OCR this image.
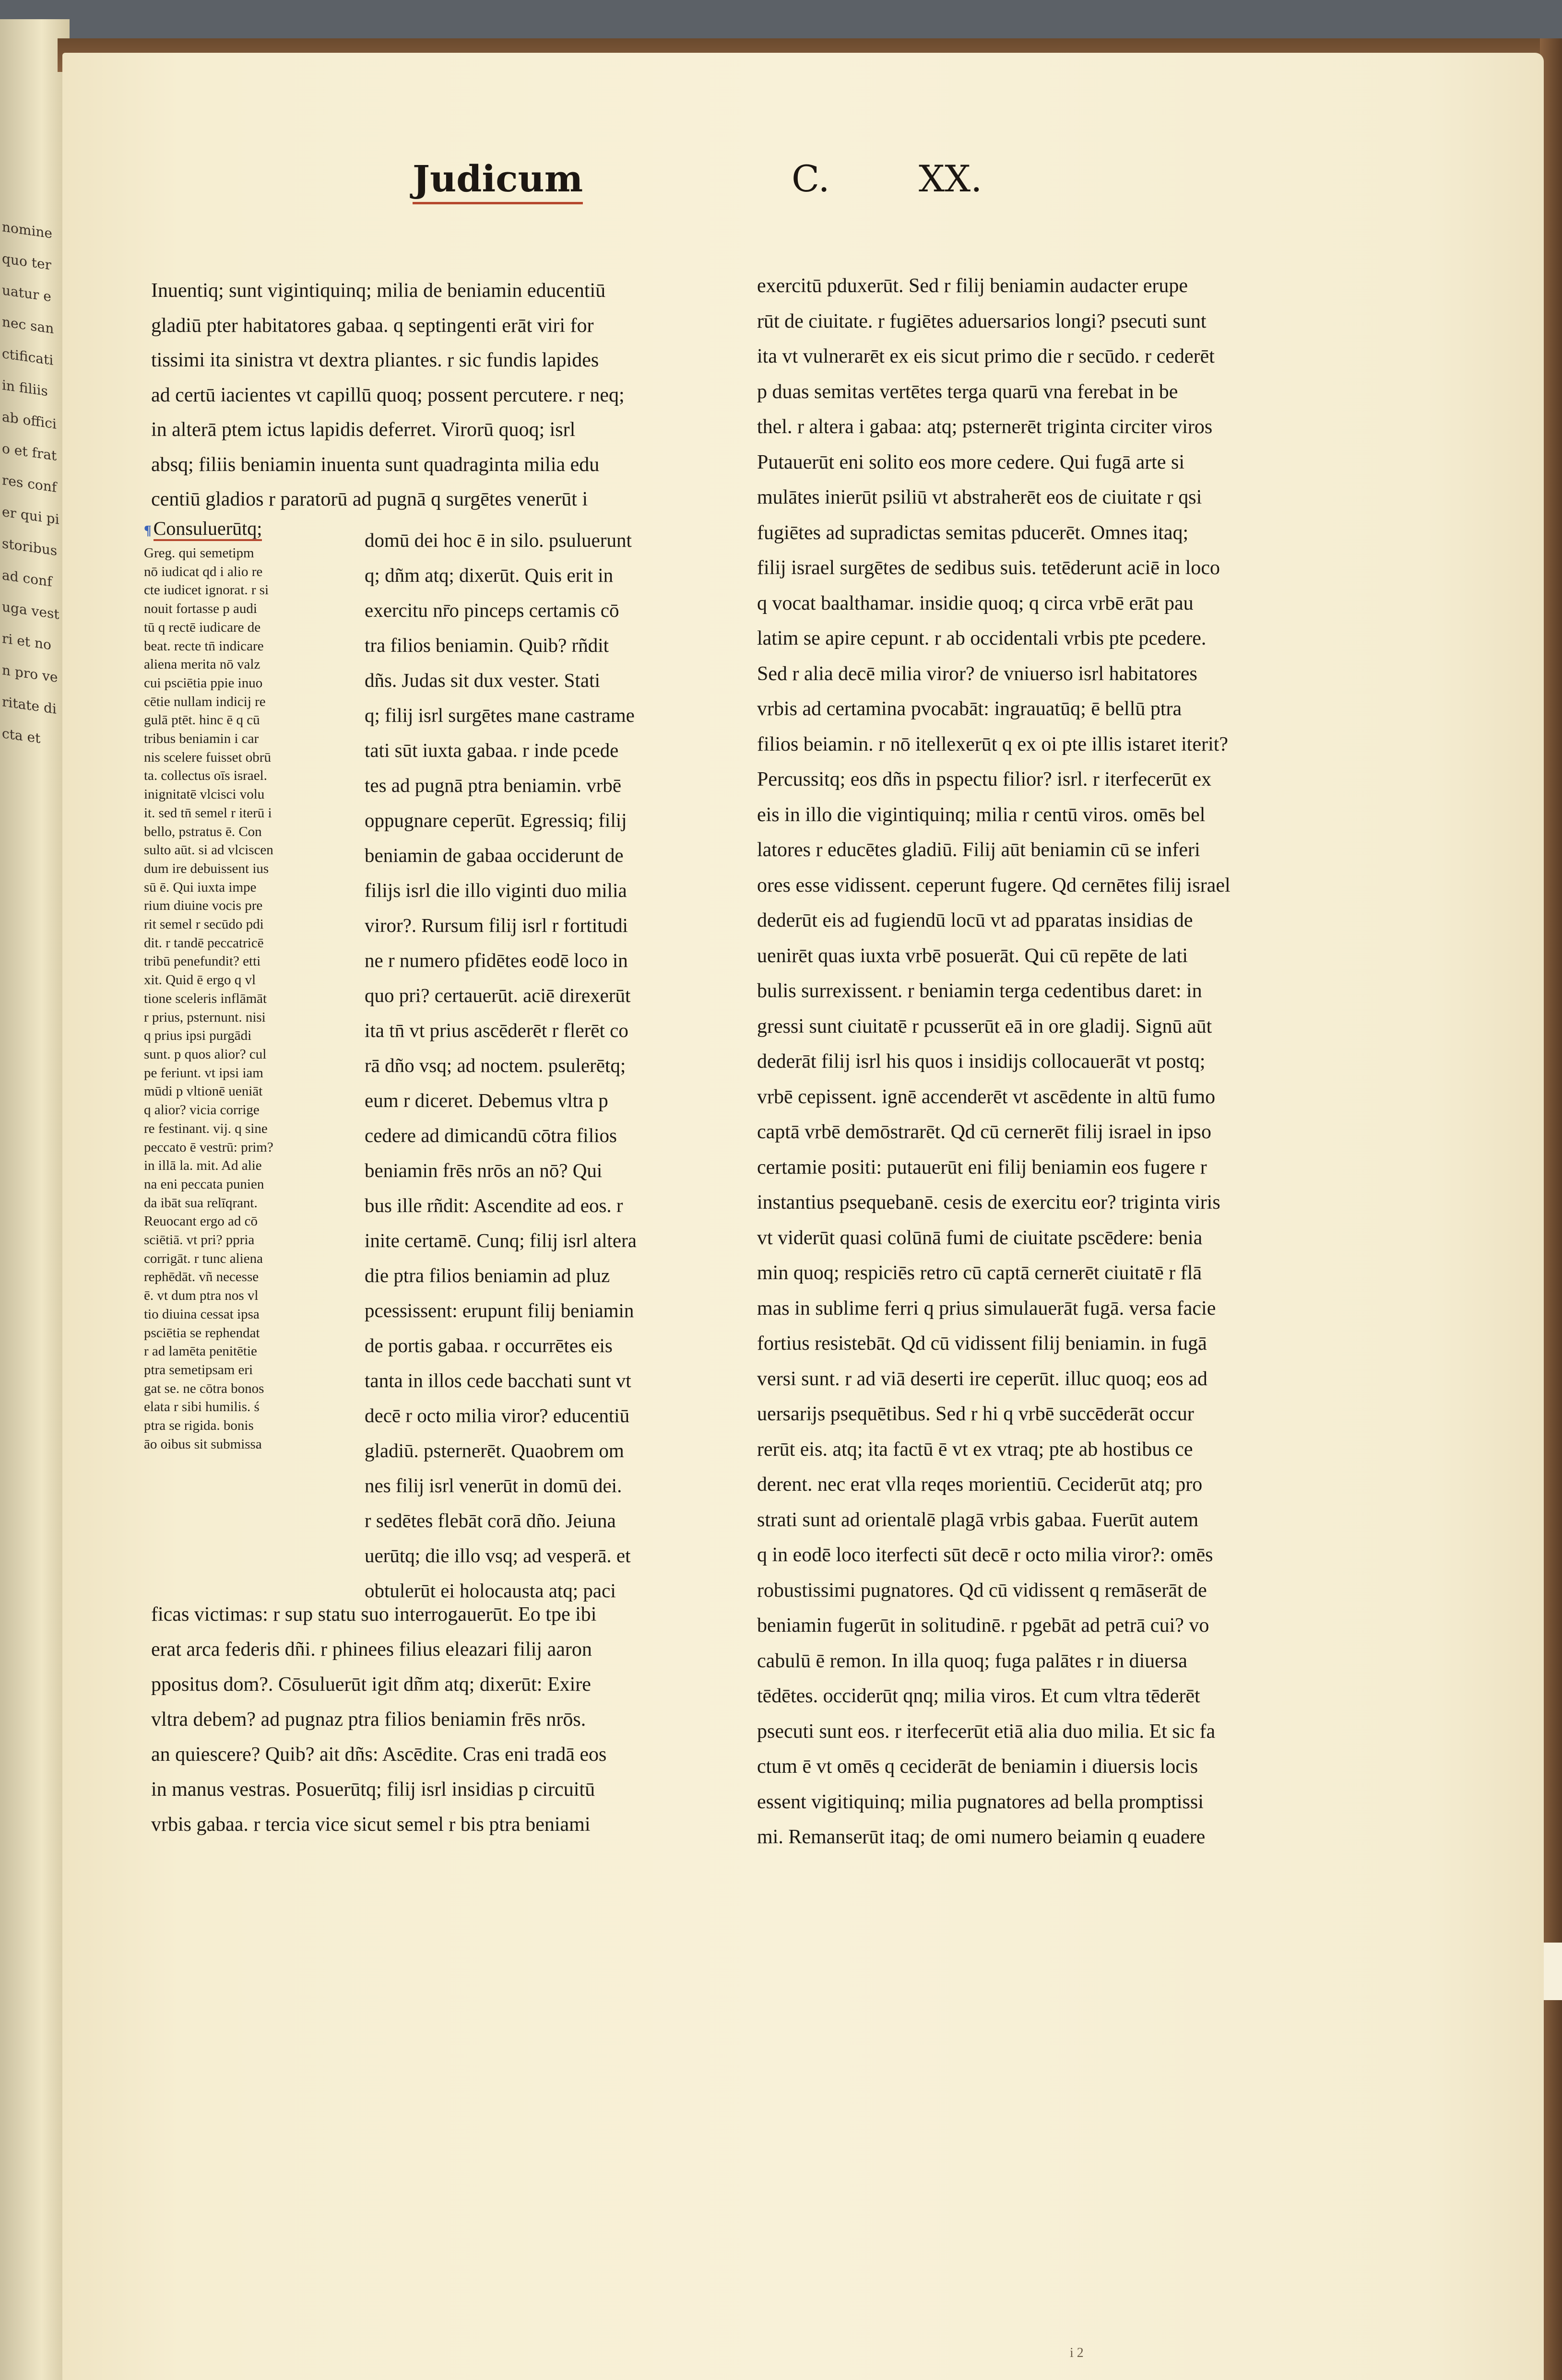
nomine quo teruatur e nec sanctificati in filiis ab officio et fratres confer qui pistoribus ad confuga vestri et non pro veritate dicta et
Judicum	C. XX.
Inuentiq; sunt vigintiquinq; milia de beniamin educentiū
gladiū pter habitatores gabaa. q septingenti erāt viri for
tissimi ita sinistra vt dextra pliantes. r sic fundis lapides
ad certū iacientes vt capillū quoq; possent percutere. r neq;
in alterā ptem ictus lapidis deferret. Virorū quoq; isrl
absq; filiis beniamin inuenta sunt quadraginta milia edu
centiū gladios r paratorū ad pugnā q surgētes venerūt i
¶ Consuluerūtq;
Greg. qui semetipm
nō iudicat qd i alio re
cte iudicet ignorat. r si
nouit fortasse p audi
tū q rectē iudicare de
beat. recte tn̄ indicare
aliena merita nō valz
cui psciētia ppie inuo
cētie nullam indicij re
gulā ptēt. hinc ē q cū
tribus beniamin i car
nis scelere fuisset obrū
ta. collectus oīs israel.
inignitatē vlcisci volu
it. sed tn̄ semel r iterū i
bello, pstratus ē. Con
sulto aūt. si ad vlciscen
dum ire debuissent ius
sū ē. Qui iuxta impe
rium diuine vocis pre
rit semel r secūdo pdi
dit. r tandē peccatricē
tribū penefundit? etti
xit. Quid ē ergo q vl
tione sceleris inflāmāt
r prius, psternunt. nisi
q prius ipsi purgādi
sunt. p quos alior? cul
pe feriunt. vt ipsi iam
mūdi p vltionē ueniāt
q alior? vicia corrige
re festinant. vij. q sine
peccato ē vestrū: prim?
in illā la. mit. Ad alie
na eni peccata punien
da ibāt sua relīqrant.
Reuocant ergo ad cō
sciētiā. vt pri? ppria
corrigāt. r tunc aliena
rephēdāt. vñ necesse
ē. vt dum ptra nos vl
tio diuina cessat ipsa
psciētia se rephendat
r ad lamēta penitētie
ptra semetipsam eri
gat se. ne cōtra bonos
elata r sibi humilis. ś
ptra se rigida. bonis
āo oibus sit submissa
domū dei hoc ē in silo. psuluerunt
q; dñm atq; dixerūt. Quis erit in
exercitu nr̄o pinceps certamis cō
tra filios beniamin. Quib? rñdit
dñs. Judas sit dux vester. Stati
q; filij isrl surgētes mane castrame
tati sūt iuxta gabaa. r inde pcede
tes ad pugnā ptra beniamin. vrbē
oppugnare ceperūt. Egressiq; filij
beniamin de gabaa occiderunt de
filijs isrl die illo viginti duo milia
viror?. Rursum filij isrl r fortitudi
ne r numero pfidētes eodē loco in
quo pri? certauerūt. aciē direxerūt
ita tn̄ vt prius ascēderēt r flerēt co
rā dño vsq; ad noctem. psulerētq;
eum r diceret. Debemus vltra p
cedere ad dimicandū cōtra filios
beniamin frēs nrōs an nō? Qui
bus ille rñdit: Ascendite ad eos. r
inite certamē. Cunq; filij isrl altera
die ptra filios beniamin ad pluz
pcessissent: erupunt filij beniamin
de portis gabaa. r occurrētes eis
tanta in illos cede bacchati sunt vt
decē r octo milia viror? educentiū
gladiū. psternerēt. Quaobrem om
nes filij isrl venerūt in domū dei.
r sedētes flebāt corā dño. Jeiuna
uerūtq; die illo vsq; ad vesperā. et
obtulerūt ei holocausta atq; paci
ficas victimas: r sup statu suo interrogauerūt. Eo tpe ibi
erat arca federis dñi. r phinees filius eleazari filij aaron
ppositus dom?. Cōsuluerūt igit dñm atq; dixerūt: Exire
vltra debem? ad pugnaz ptra filios beniamin frēs nrōs.
an quiescere? Quib? ait dñs: Ascēdite. Cras eni tradā eos
in manus vestras. Posuerūtq; filij isrl insidias p circuitū
vrbis gabaa. r tercia vice sicut semel r bis ptra beniami
exercitū pduxerūt. Sed r filij beniamin audacter erupe
rūt de ciuitate. r fugiētes aduersarios longi? psecuti sunt
ita vt vulnerarēt ex eis sicut primo die r secūdo. r cederēt
p duas semitas vertētes terga quarū vna ferebat in be
thel. r altera i gabaa: atq; psternerēt triginta circiter viros
Putauerūt eni solito eos more cedere. Qui fugā arte si
mulātes inierūt psiliū vt abstraherēt eos de ciuitate r qsi
fugiētes ad supradictas semitas pducerēt. Omnes itaq;
filij israel surgētes de sedibus suis. tetēderunt aciē in loco
q vocat baalthamar. insidie quoq; q circa vrbē erāt pau
latim se apire cepunt. r ab occidentali vrbis pte pcedere.
Sed r alia decē milia viror? de vniuerso isrl habitatores
vrbis ad certamina pvocabāt: ingrauatūq; ē bellū ptra
filios beiamin. r nō itellexerūt q ex oi pte illis istaret iterit?
Percussitq; eos dñs in pspectu filior? isrl. r iterfecerūt ex
eis in illo die vigintiquinq; milia r centū viros. omēs bel
latores r educētes gladiū. Filij aūt beniamin cū se inferi
ores esse vidissent. ceperunt fugere. Qd cernētes filij israel
dederūt eis ad fugiendū locū vt ad pparatas insidias de
uenirēt quas iuxta vrbē posuerāt. Qui cū repēte de lati
bulis surrexissent. r beniamin terga cedentibus daret: in
gressi sunt ciuitatē r pcusserūt eā in ore gladij. Signū aūt
dederāt filij isrl his quos i insidijs collocauerāt vt postq;
vrbē cepissent. ignē accenderēt vt ascēdente in altū fumo
captā vrbē demōstrarēt. Qd cū cernerēt filij israel in ipso
certamie positi: putauerūt eni filij beniamin eos fugere r
instantius psequebanē. cesis de exercitu eor? triginta viris
vt viderūt quasi colūnā fumi de ciuitate pscēdere: benia
min quoq; respiciēs retro cū captā cernerēt ciuitatē r flā
mas in sublime ferri q prius simulauerāt fugā. versa facie
fortius resistebāt. Qd cū vidissent filij beniamin. in fugā
versi sunt. r ad viā deserti ire ceperūt. illuc quoq; eos ad
uersarijs psequētibus. Sed r hi q vrbē succēderāt occur
rerūt eis. atq; ita factū ē vt ex vtraq; pte ab hostibus ce
derent. nec erat vlla reqes morientiū. Ceciderūt atq; pro
strati sunt ad orientalē plagā vrbis gabaa. Fuerūt autem
q in eodē loco iterfecti sūt decē r octo milia viror?: omēs
robustissimi pugnatores. Qd cū vidissent q remāserāt de
beniamin fugerūt in solitudinē. r pgebāt ad petrā cui? vo
cabulū ē remon. In illa quoq; fuga palātes r in diuersa
tēdētes. occiderūt qnq; milia viros. Et cum vltra tēderēt
psecuti sunt eos. r iterfecerūt etiā alia duo milia. Et sic fa
ctum ē vt omēs q ceciderāt de beniamin i diuersis locis
essent vigitiquinq; milia pugnatores ad bella promptissi
mi. Remanserūt itaq; de omi numero beiamin q euadere
i 2
